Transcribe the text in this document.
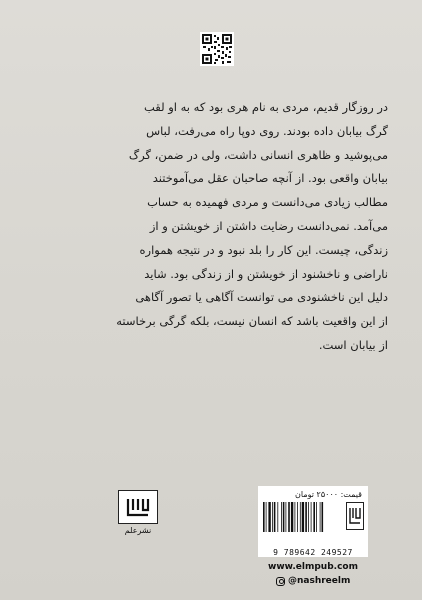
در روزگار قدیم، مردی به نام هری بود که به او لقب
گرگ بیابان داده بودند. روی دوپا راه می‌رفت، لباس
می‌پوشید و ظاهری انسانی داشت، ولی در ضمن، گرگ
بیابان واقعی بود. از آنچه صاحبان عقل می‌آموختند
مطالب زیادی می‌دانست و مردی فهمیده به حساب
می‌آمد. نمی‌دانست رضایت داشتن از خویشتن و از
زندگی، چیست. این کار را بلد نبود و در نتیجه همواره
ناراضی و ناخشنود از خویشتن و از زندگی بود. شاید
دلیل این ناخشنودی می توانست آگاهی یا تصور آگاهی
از این واقعیت باشد که انسان نیست، بلکه گرگی برخاسته
از بیابان است.
نشرعلم
قیمت: ۲۵۰۰۰ تومان
9 789642 249527
www.elmpub.com
@nashreelm
